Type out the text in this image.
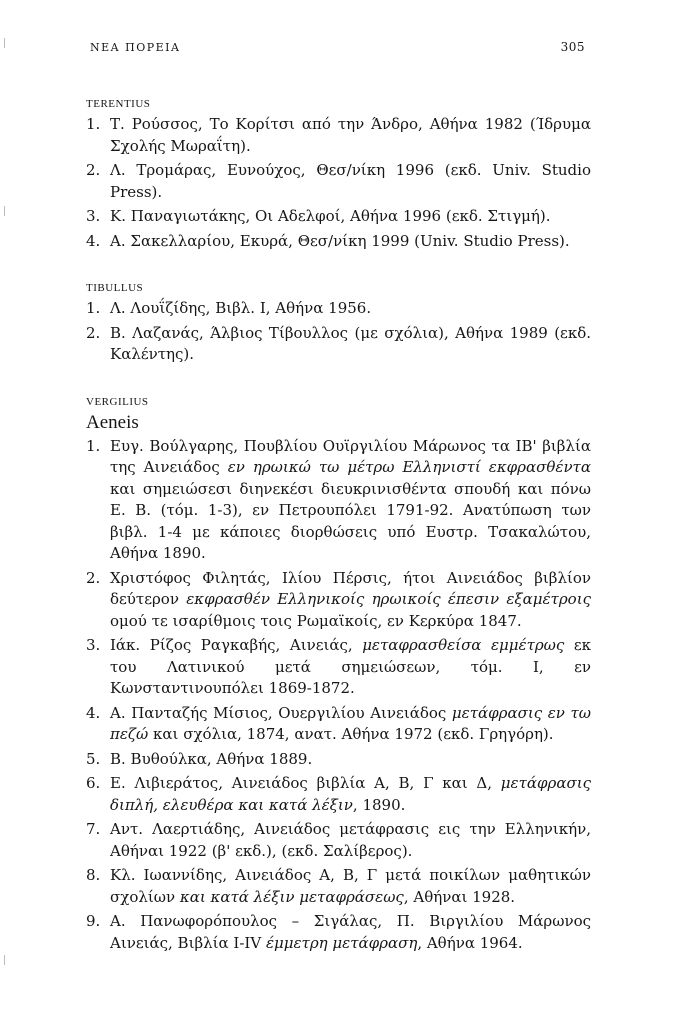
ΝΕΑ ΠΟΡΕΙΑ	305
TERENTIUS
1. Τ. Ρούσσος, Το Κορίτσι από την Άνδρο, Αθήνα 1982 (Ίδρυμα Σχολής Μωραΐτη).
2. Λ. Τρομάρας, Ευνούχος, Θεσ/νίκη 1996 (εκδ. Univ. Studio Press).
3. Κ. Παναγιωτάκης, Οι Αδελφοί, Αθήνα 1996 (εκδ. Στιγμή).
4. Α. Σακελλαρίου, Εκυρά, Θεσ/νίκη 1999 (Univ. Studio Press).
TIBULLUS
1. Λ. Λουΐζίδης, Βιβλ. Ι, Αθήνα 1956.
2. Β. Λαζανάς, Άλβιος Τίβουλλος (με σχόλια), Αθήνα 1989 (εκδ. Καλέντης).
VERGILIUS
Aeneis
1. Ευγ. Βούλγαρης, Πουβλίου Ουϊργιλίου Μάρωνος τα ΙΒ' βιβλία της Αινειάδος εν ηρωικώ τω μέτρω Ελληνιστί εκφρασθέντα και σημειώσεσι διηνεκέσι διευκρινισθέντα σπουδή και πόνω Ε. Β. (τόμ. 1-3), εν Πετρουπόλει 1791-92. Ανατύπωση των βιβλ. 1-4 με κάποιες διορθώσεις υπό Ευστρ. Τσακαλώτου, Αθήνα 1890.
2. Χριστόφος Φιλητάς, Ιλίου Πέρσις, ήτοι Αινειάδος βιβλίον δεύτερον εκφρασθέν Ελληνικοίς ηρωικοίς έπεσιν εξαμέτροις ομού τε ισαρίθμοις τοις Ρωμαϊκοίς, εν Κερκύρα 1847.
3. Ιάκ. Ρίζος Ραγκαβής, Αινειάς, μεταφρασθείσα εμμέτρως εκ του Λατινικού μετά σημειώσεων, τόμ. Ι, εν Κωνσταντινουπόλει 1869-1872.
4. Α. Πανταζής Μίσιος, Ουεργιλίου Αινειάδος μετάφρασις εν τω πεζώ και σχόλια, 1874, ανατ. Αθήνα 1972 (εκδ. Γρηγόρη).
5. Β. Βυθούλκα, Αθήνα 1889.
6. Ε. Λιβιεράτος, Αινειάδος βιβλία Α, Β, Γ και Δ, μετάφρασις διπλή, ελευθέρα και κατά λέξιν, 1890.
7. Αντ. Λαερτιάδης, Αινειάδος μετάφρασις εις την Ελληνικήν, Αθήναι 1922 (β' εκδ.), (εκδ. Σαλίβερος).
8. Κλ. Ιωαννίδης, Αινειάδος Α, Β, Γ μετά ποικίλων μαθητικών σχολίων και κατά λέξιν μεταφράσεως, Αθήναι 1928.
9. Α. Πανωφορόπουλος – Σιγάλας, Π. Βιργιλίου Μάρωνος Αινειάς, Βιβλία I-IV έμμετρη μετάφραση, Αθήνα 1964.
